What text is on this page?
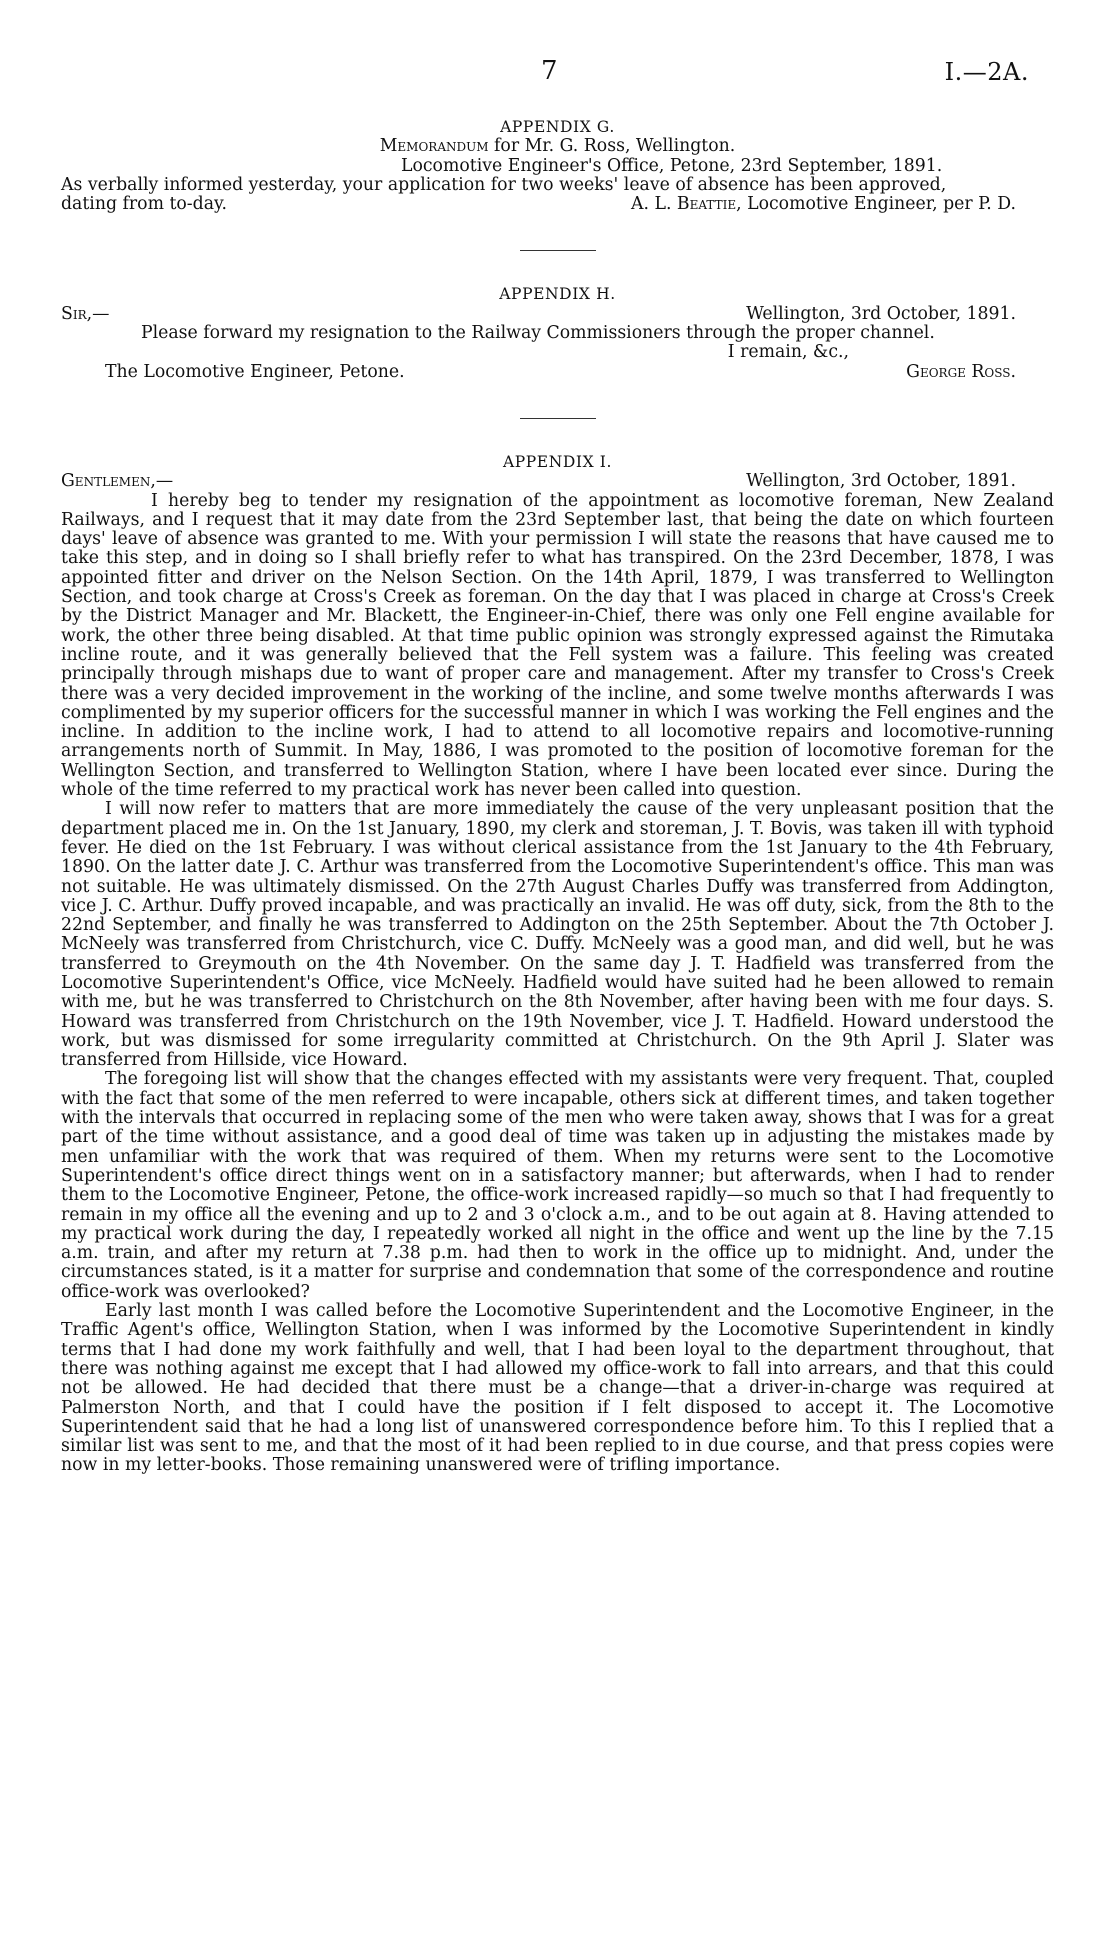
7	I.—2A.
APPENDIX G.
Memorandum for Mr. G. Ross, Wellington.
Locomotive Engineer's Office, Petone, 23rd September, 1891.
As verbally informed yesterday, your application for two weeks' leave of absence has been approved,
dating from to-day.	A. L. Beattie, Locomotive Engineer, per P. D.
APPENDIX H.
Sir,—	Wellington, 3rd October, 1891.
Please forward my resignation to the Railway Commissioners through the proper channel.
I remain, &c.,
The Locomotive Engineer, Petone.	George Ross.
APPENDIX I.
Gentlemen,—	Wellington, 3rd October, 1891.

I hereby beg to tender my resignation of the appointment as locomotive foreman, New Zealand Railways, and I request that it may date from the 23rd September last, that being the date on which fourteen days' leave of absence was granted to me. With your permission I will state the reasons that have caused me to take this step, and in doing so I shall briefly refer to what has transpired. On the 23rd December, 1878, I was appointed fitter and driver on the Nelson Section. On the 14th April, 1879, I was transferred to Wellington Section, and took charge at Cross's Creek as foreman. On the day that I was placed in charge at Cross's Creek by the District Manager and Mr. Blackett, the Engineer-in-Chief, there was only one Fell engine available for work, the other three being disabled. At that time public opinion was strongly expressed against the Rimutaka incline route, and it was generally believed that the Fell system was a failure. This feeling was created principally through mishaps due to want of proper care and management. After my transfer to Cross's Creek there was a very decided improvement in the working of the incline, and some twelve months afterwards I was complimented by my superior officers for the successful manner in which I was working the Fell engines and the incline. In addition to the incline work, I had to attend to all locomotive repairs and locomotive-running arrangements north of Summit. In May, 1886, I was promoted to the position of locomotive foreman for the Wellington Section, and transferred to Wellington Station, where I have been located ever since. During the whole of the time referred to my practical work has never been called into question.

I will now refer to matters that are more immediately the cause of the very unpleasant position that the department placed me in. On the 1st January, 1890, my clerk and storeman, J. T. Bovis, was taken ill with typhoid fever. He died on the 1st February. I was without clerical assistance from the 1st January to the 4th February, 1890. On the latter date J. C. Arthur was transferred from the Locomotive Superintendent's office. This man was not suitable. He was ultimately dismissed. On the 27th August Charles Duffy was transferred from Addington, vice J. C. Arthur. Duffy proved incapable, and was practically an invalid. He was off duty, sick, from the 8th to the 22nd September, and finally he was transferred to Addington on the 25th September. About the 7th October J. McNeely was transferred from Christchurch, vice C. Duffy. McNeely was a good man, and did well, but he was transferred to Greymouth on the 4th November. On the same day J. T. Hadfield was transferred from the Locomotive Superintendent's Office, vice McNeely. Hadfield would have suited had he been allowed to remain with me, but he was transferred to Christchurch on the 8th November, after having been with me four days. S. Howard was transferred from Christchurch on the 19th November, vice J. T. Hadfield. Howard understood the work, but was dismissed for some irregularity committed at Christchurch. On the 9th April J. Slater was transferred from Hillside, vice Howard.

The foregoing list will show that the changes effected with my assistants were very frequent. That, coupled with the fact that some of the men referred to were incapable, others sick at different times, and taken together with the intervals that occurred in replacing some of the men who were taken away, shows that I was for a great part of the time without assistance, and a good deal of time was taken up in adjusting the mistakes made by men unfamiliar with the work that was required of them. When my returns were sent to the Locomotive Superintendent's office direct things went on in a satisfactory manner; but afterwards, when I had to render them to the Locomotive Engineer, Petone, the office-work increased rapidly—so much so that I had frequently to remain in my office all the evening and up to 2 and 3 o'clock a.m., and to be out again at 8. Having attended to my practical work during the day, I repeatedly worked all night in the office and went up the line by the 7.15 a.m. train, and after my return at 7.38 p.m. had then to work in the office up to midnight. And, under the circumstances stated, is it a matter for surprise and condemnation that some of the correspondence and routine office-work was overlooked?

Early last month I was called before the Locomotive Superintendent and the Locomotive Engineer, in the Traffic Agent's office, Wellington Station, when I was informed by the Locomotive Superintendent in kindly terms that I had done my work faithfully and well, that I had been loyal to the department throughout, that there was nothing against me except that I had allowed my office-work to fall into arrears, and that this could not be allowed. He had decided that there must be a change—that a driver-in-charge was required at Palmerston North, and that I could have the position if I felt disposed to accept it. The Locomotive Superintendent said that he had a long list of unanswered correspondence before him. To this I replied that a similar list was sent to me, and that the most of it had been replied to in due course, and that press copies were now in my letter-books. Those remaining unanswered were of trifling importance.
